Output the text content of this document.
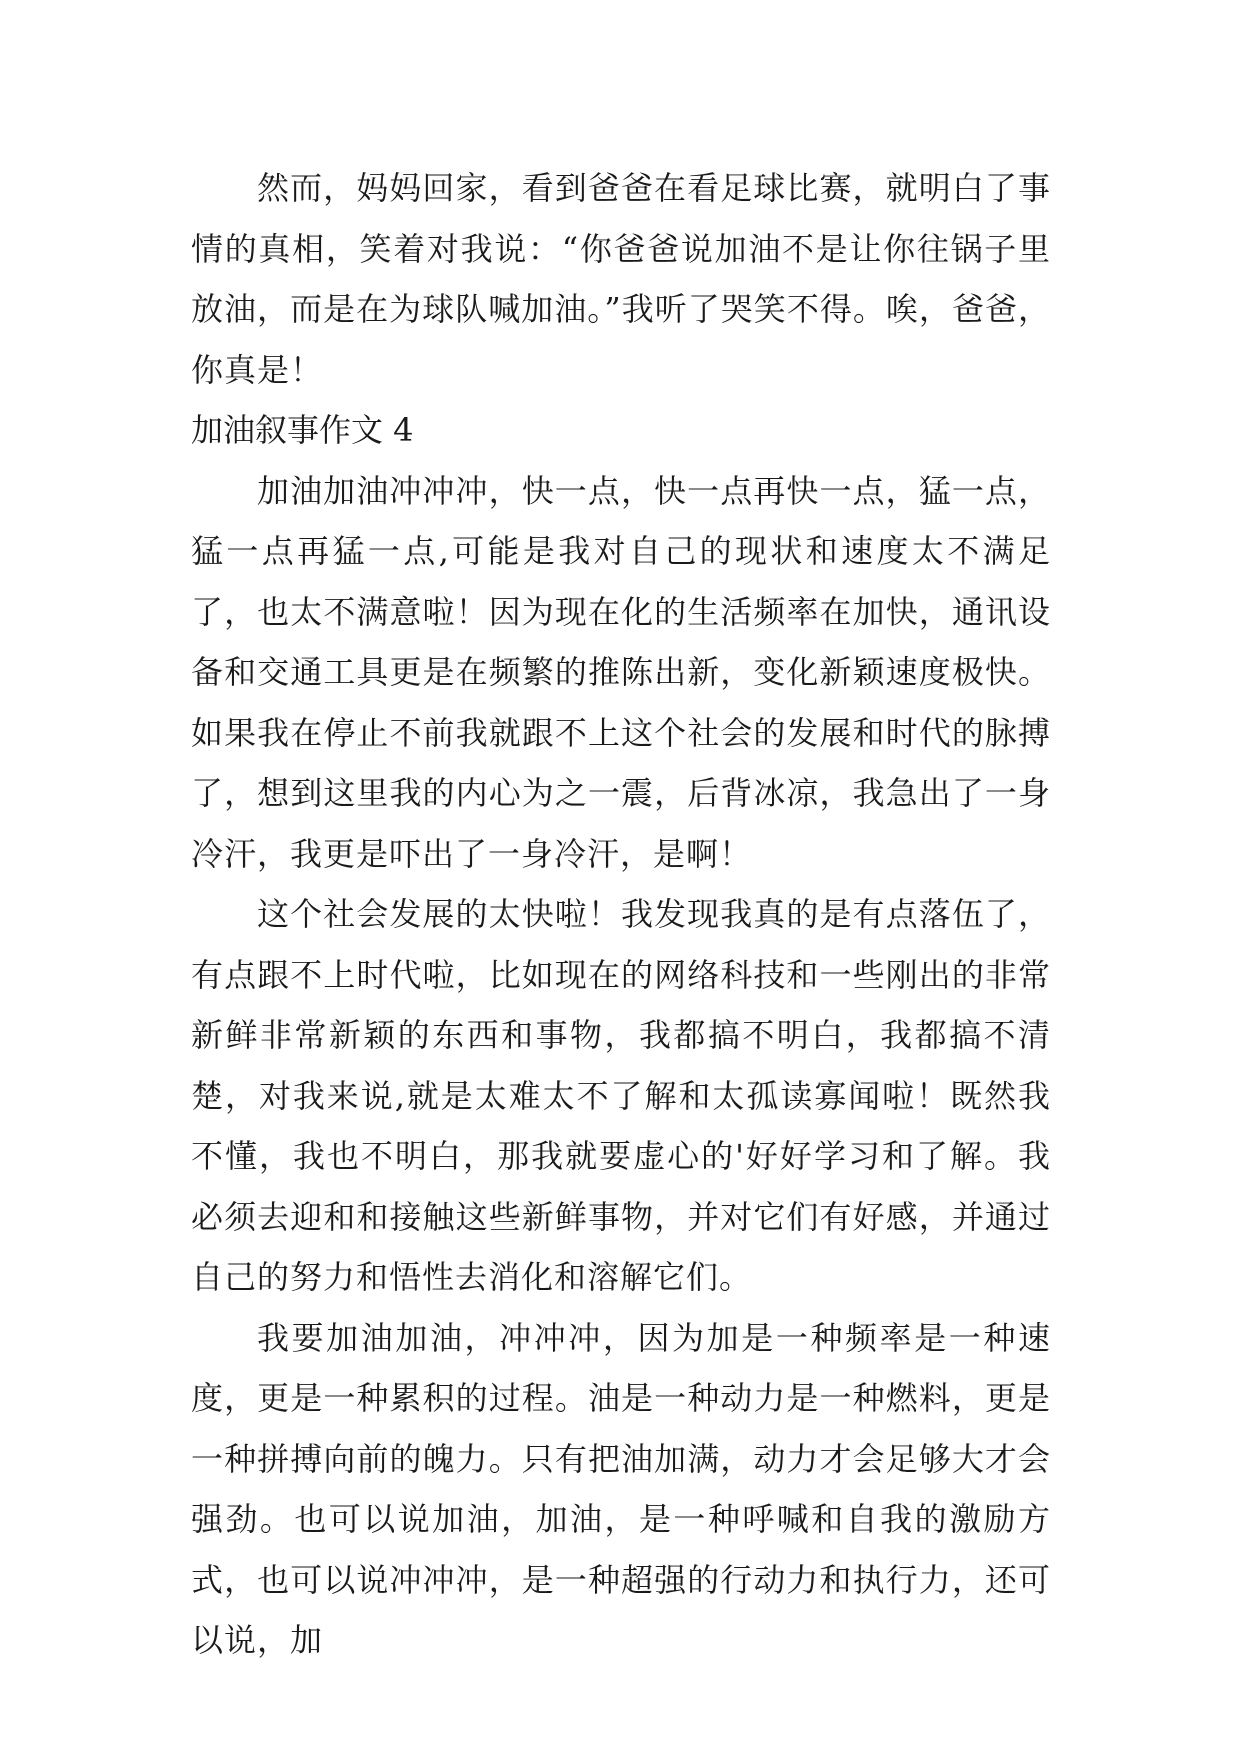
然而，妈妈回家，看到爸爸在看足球比赛，就明白了事情的真相，笑着对我说：“你爸爸说加油不是让你往锅子里放油，而是在为球队喊加油。”我听了哭笑不得。唉，爸爸，你真是！

加油叙事作文 4

加油加油冲冲冲，快一点，快一点再快一点，猛一点，猛一点再猛一点,可能是我对自己的现状和速度太不满足了，也太不满意啦！因为现在化的生活频率在加快，通讯设备和交通工具更是在频繁的推陈出新，变化新颖速度极快。如果我在停止不前我就跟不上这个社会的发展和时代的脉搏了，想到这里我的内心为之一震，后背冰凉，我急出了一身冷汗，我更是吓出了一身冷汗，是啊！

这个社会发展的太快啦！我发现我真的是有点落伍了，有点跟不上时代啦，比如现在的网络科技和一些刚出的非常新鲜非常新颖的东西和事物，我都搞不明白，我都搞不清楚，对我来说,就是太难太不了解和太孤读寡闻啦！既然我不懂，我也不明白，那我就要虚心的'好好学习和了解。我必须去迎和和接触这些新鲜事物，并对它们有好感，并通过自己的努力和悟性去消化和溶解它们。

我要加油加油，冲冲冲，因为加是一种频率是一种速度，更是一种累积的过程。油是一种动力是一种燃料，更是一种拼搏向前的魄力。只有把油加满，动力才会足够大才会强劲。也可以说加油，加油，是一种呼喊和自我的激励方式，也可以说冲冲冲，是一种超强的行动力和执行力，还可以说，加
